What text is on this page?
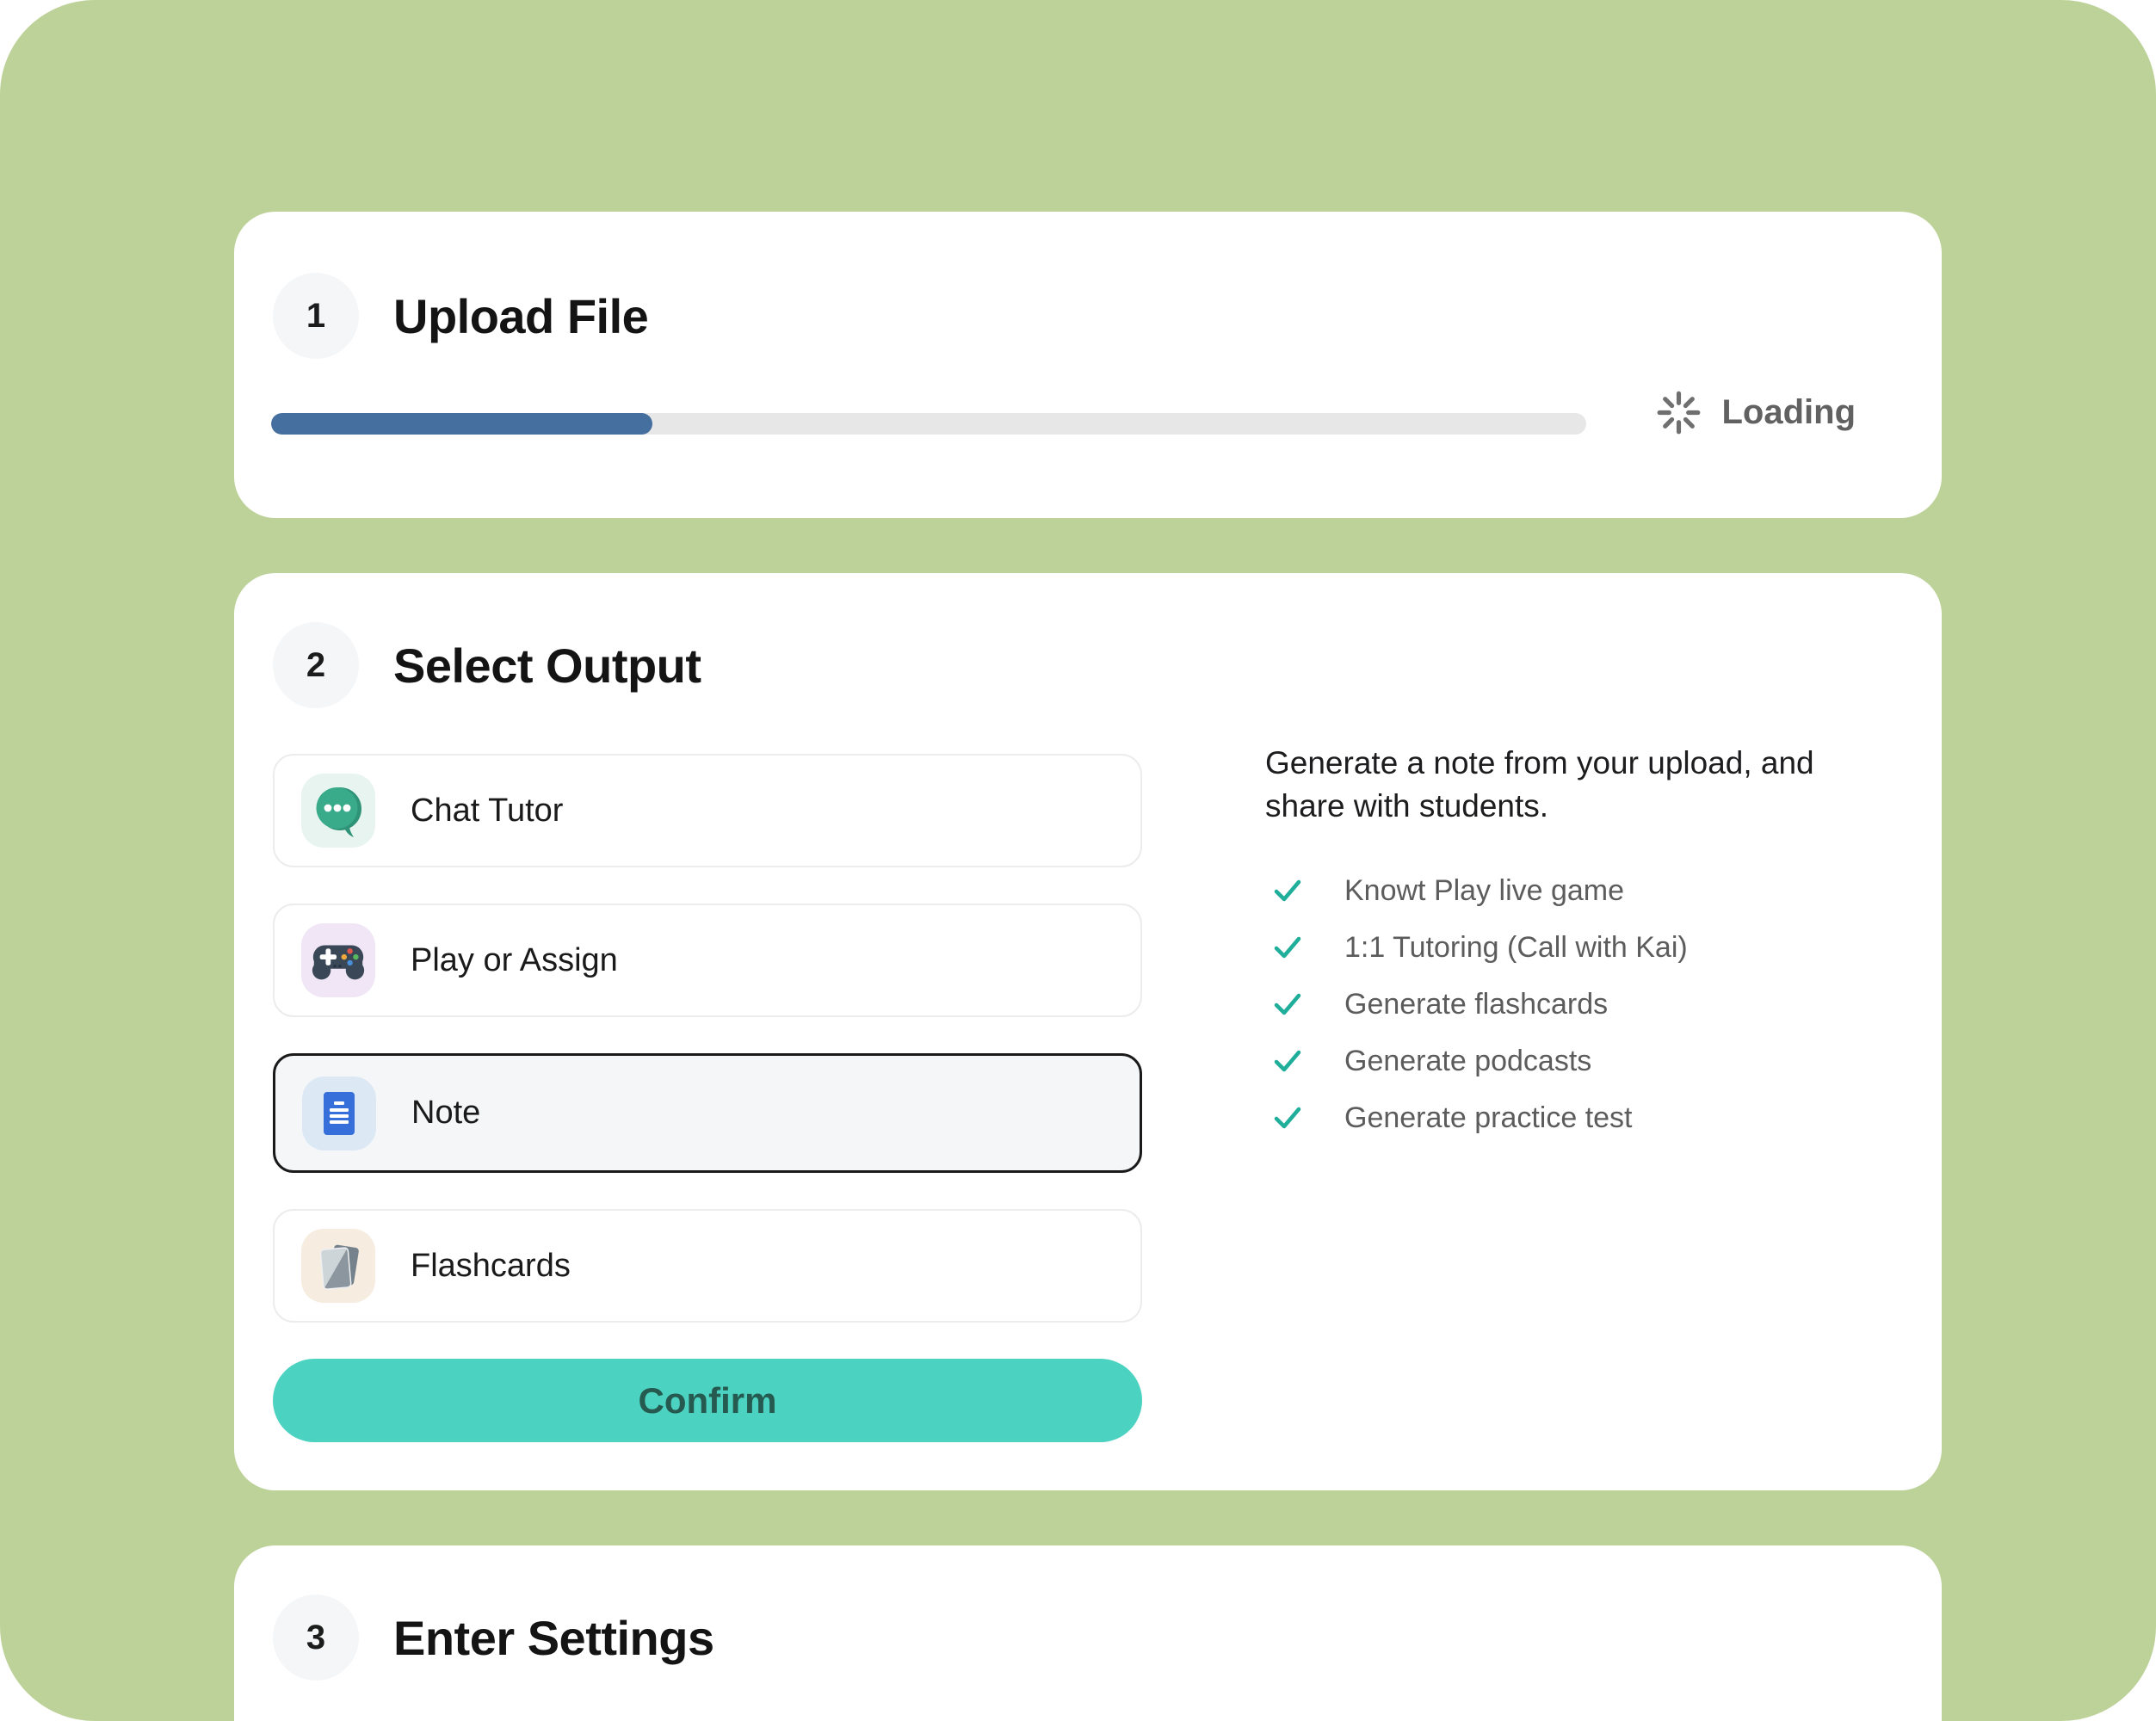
1 Upload File
Loading
2 Select Output
Chat Tutor
Play or Assign
Note
Flashcards
Confirm

Generate a note from your upload, and share with students.

Knowt Play live game
1:1 Tutoring (Call with Kai)
Generate flashcards
Generate podcasts
Generate practice test
3 Enter Settings
